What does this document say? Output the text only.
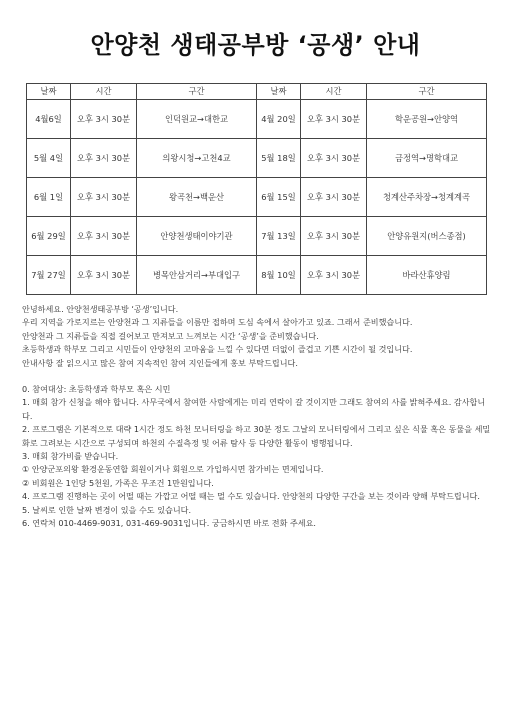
안양천 생태공부방 ‘공생’ 안내
날짜	시간	구간	날짜	시간	구간
4월6일	오후 3시 30분	인덕원교→대한교	4월 20일	오후 3시 30분	학운공원→안양역
5월 4일	오후 3시 30분	의왕시청→고천4교	5월 18일	오후 3시 30분	금정역→명학대교
6월 1일	오후 3시 30분	왕곡천→백운산	6월 15일	오후 3시 30분	청계산주차장→청계계곡
6월 29일	오후 3시 30분	안양천생태이야기관	7월 13일	오후 3시 30분	안양유원지(버스종점)
7월 27일	오후 3시 30분	병목안삼거리→부대입구	8월 10일	오후 3시 30분	바라산휴양림

안녕하세요. 안양천생태공부방 ‘공생’입니다.

우리 지역을 가로지르는 안양천과 그 지류들을 이름만 접하며 도심 속에서 살아가고 있죠. 그래서 준비했습니다.

안양천과 그 지류들을 직접 걸어보고 만져보고 느껴보는 시간 ‘공생’을 준비했습니다.

초등학생과 학부모 그리고 시민들이 안양천의 고마움을 느낄 수 있다면 더없이 즐겁고 기쁜 시간이 될 것입니다.

안내사항 잘 읽으시고 많은 참여 지속적인 참여 지인들에게 홍보 부탁드립니다.

0. 참여대상: 초등학생과 학부모 혹은 시민

1. 매회 참가 신청을 해야 합니다. 사무국에서 참여한 사람에게는 미리 연락이 갈 것이지만 그래도 참여의 사를 밝혀주세요. 감사합니다.

2. 프로그램은 기본적으로 대략 1시간 정도 하천 모니터링을 하고 30분 정도 그날의 모니터링에서 그리고 싶은 식물 혹은 동물을 세밀화로 그려보는 시간으로 구성되며 하천의 수질측정 및 어류 탐사 등 다양한 활동이 병행됩니다.

3. 매회 참가비를 받습니다.

① 안양군포의왕 환경운동연합 회원이거나 회원으로 가입하시면 참가비는 면제입니다.

② 비회원은 1인당 5천원, 가족은 무조건 1만원입니다.

4. 프로그램 진행하는 곳이 어떨 때는 가깝고 어떨 때는 멀 수도 있습니다. 안양천의 다양한 구간을 보는 것이라 양해 부탁드립니다.

5. 날씨로 인한 날짜 변경이 있을 수도 있습니다.

6. 연락처 010-4469-9031, 031-469-9031입니다. 궁금하시면 바로 전화 주세요.
